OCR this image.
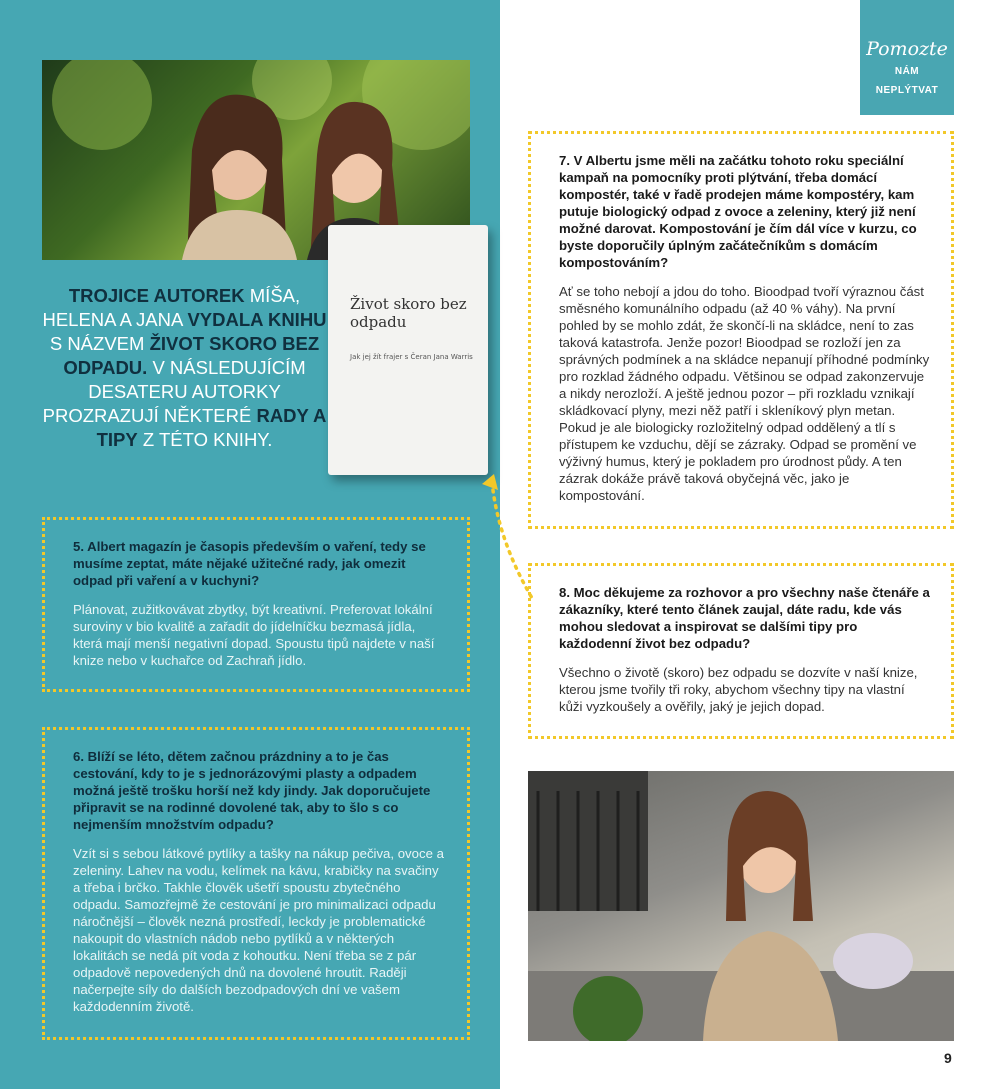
Pomozte
NÁM
NEPLÝTVAT
Život skoro bez odpadu
Jak jej žít frajer s Čeran Jana Warris
TROJICE AUTOREK MÍŠA, HELENA A JANA VYDALA KNIHU S NÁZVEM ŽIVOT SKORO BEZ ODPADU. V NÁSLEDUJÍCÍM DESATERU AUTORKY PROZRAZUJÍ NĚKTERÉ RADY A TIPY Z TÉTO KNIHY.
5. Albert magazín je časopis především o vaření, tedy se musíme zeptat, máte nějaké užitečné rady, jak omezit odpad při vaření a v kuchyni?
Plánovat, zužitkovávat zbytky, být kreativní. Preferovat lokální suroviny v bio kvalitě a zařadit do jídelníčku bezmasá jídla, která mají menší negativní dopad. Spoustu tipů najdete v naší knize nebo v kuchařce od Zachraň jídlo.
6. Blíží se léto, dětem začnou prázdniny a to je čas cestování, kdy to je s jednorázovými plasty a odpadem možná ještě trošku horší než kdy jindy. Jak doporučujete připravit se na rodinné dovolené tak, aby to šlo s co nejmenším množstvím odpadu?
Vzít si s sebou látkové pytlíky a tašky na nákup pečiva, ovoce a zeleniny. Lahev na vodu, kelímek na kávu, krabičky na svačiny a třeba i brčko. Takhle člověk ušetří spoustu zbytečného odpadu. Samozřejmě že cestování je pro minimalizaci odpadu náročnější – člověk nezná prostředí, leckdy je problematické nakoupit do vlastních nádob nebo pytlíků a v některých lokalitách se nedá pít voda z kohoutku. Není třeba se z pár odpadově nepovedených dnů na dovolené hroutit. Raději načerpejte síly do dalších bezodpadových dní ve vašem každodenním životě.
7. V Albertu jsme měli na začátku tohoto roku speciální kampaň na pomocníky proti plýtvání, třeba domácí kompostér, také v řadě prodejen máme kompostéry, kam putuje biologický odpad z ovoce a zeleniny, který již není možné darovat. Kompostování je čím dál více v kurzu, co byste doporučily úplným začátečníkům s domácím kompostováním?
Ať se toho nebojí a jdou do toho. Bioodpad tvoří výraznou část směsného komunálního odpadu (až 40 % váhy). Na první pohled by se mohlo zdát, že skončí-li na skládce, není to zas taková katastrofa. Jenže pozor! Bioodpad se rozloží jen za správných podmínek a na skládce nepanují příhodné podmínky pro rozklad žádného odpadu. Většinou se odpad zakonzervuje a nikdy nerozloží. A ještě jednou pozor – při rozkladu vznikají skládkovací plyny, mezi něž patří i skleníkový plyn metan. Pokud je ale biologicky rozložitelný odpad oddělený a tlí s přístupem ke vzduchu, dějí se zázraky. Odpad se promění ve výživný humus, který je pokladem pro úrodnost půdy. A ten zázrak dokáže právě taková obyčejná věc, jako je kompostování.
8. Moc děkujeme za rozhovor a pro všechny naše čtenáře a zákazníky, které tento článek zaujal, dáte radu, kde vás mohou sledovat a inspirovat se dalšími tipy pro každodenní život bez odpadu?
Všechno o životě (skoro) bez odpadu se dozvíte v naší knize, kterou jsme tvořily tři roky, abychom všechny tipy na vlastní kůži vyzkoušely a ověřily, jaký je jejich dopad.
9
